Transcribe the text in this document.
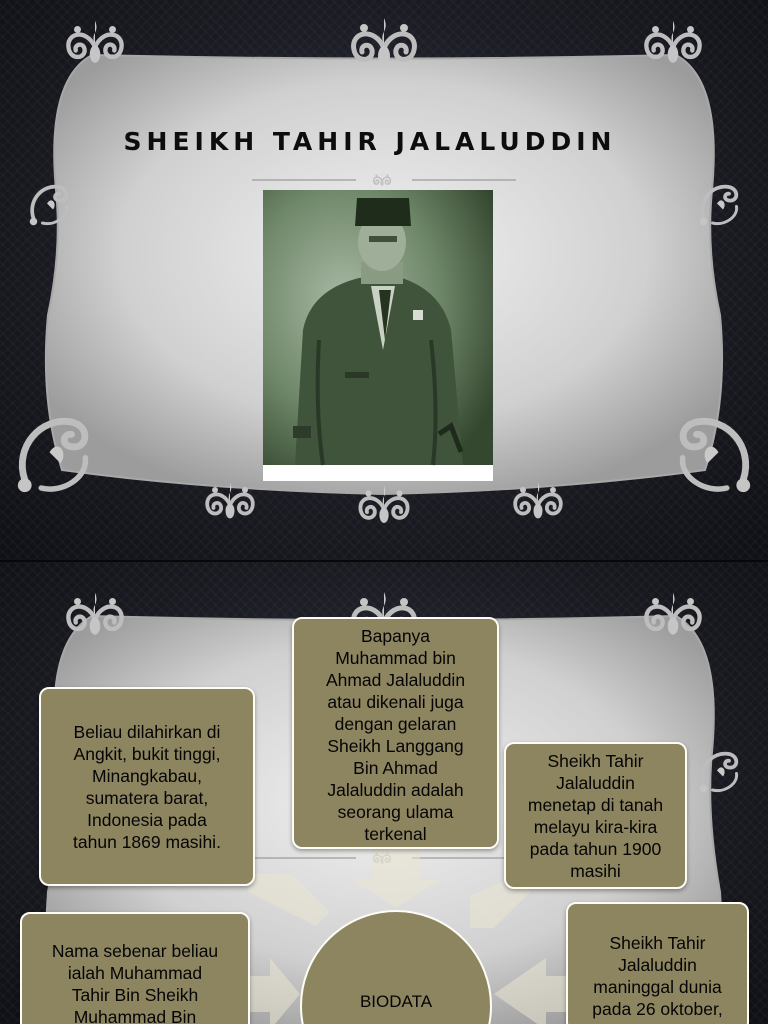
SHEIKH TAHIR JALALUDDIN
Bapanya
Muhammad bin
Ahmad Jalaluddin
atau dikenali juga
dengan gelaran
Sheikh Langgang
Bin Ahmad
Jalaluddin adalah
seorang ulama
terkenal
Beliau dilahirkan di
Angkit, bukit tinggi,
Minangkabau,
sumatera barat,
Indonesia pada
tahun 1869 masihi.
Sheikh Tahir
Jalaluddin
menetap di tanah
melayu kira-kira
pada tahun 1900
masihi
Nama sebenar beliau
ialah Muhammad
Tahir Bin Sheikh
Muhammad Bin
BIODATA
Sheikh Tahir
Jalaluddin
maninggal dunia
pada 26 oktober,
